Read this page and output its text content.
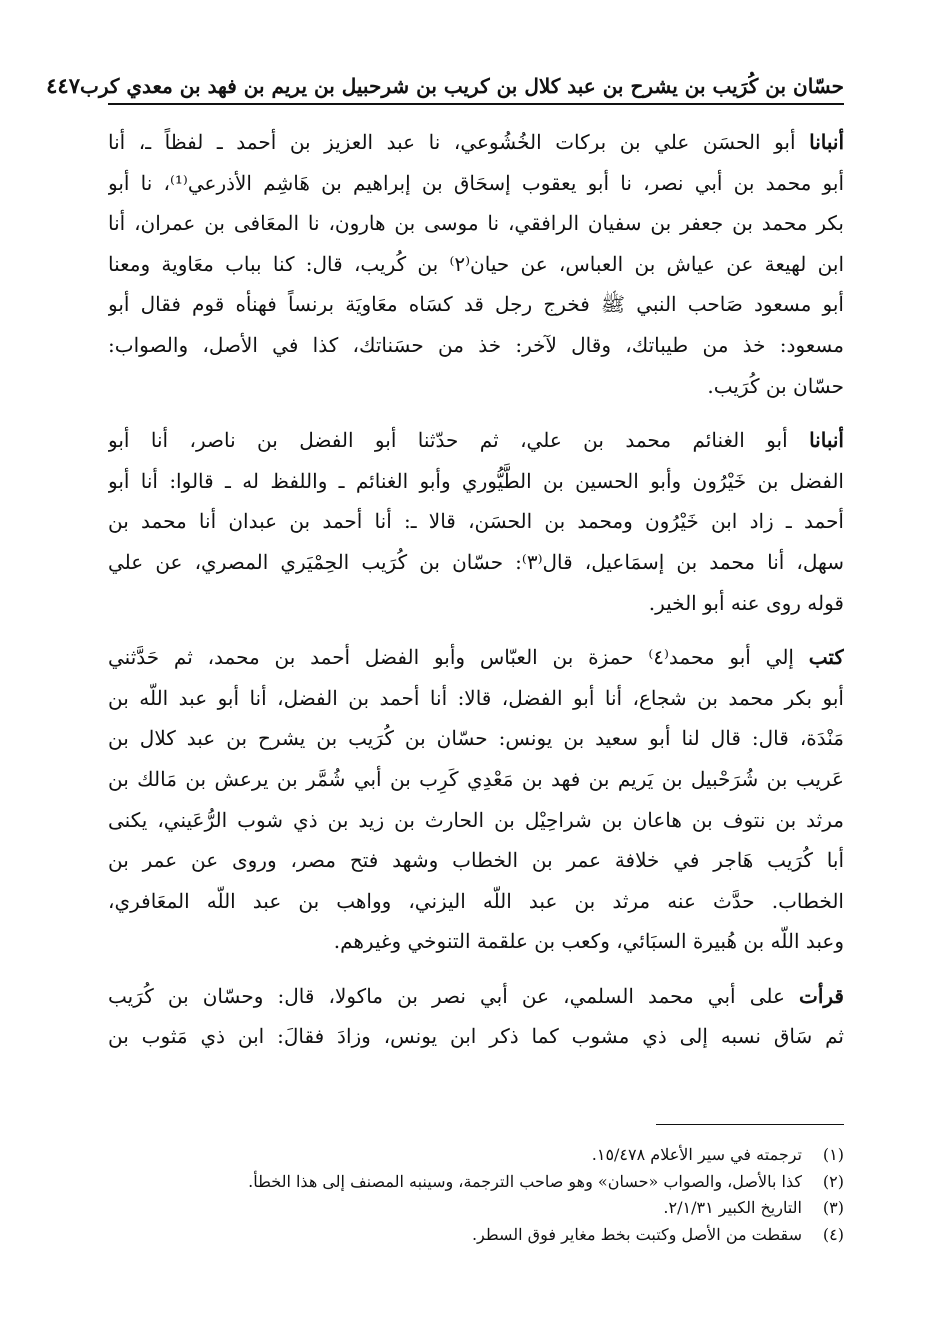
حسّان بن كُرَيب بن يشرح بن عبد كلال بن كريب بن شرحبيل بن يريم بن فهد بن معدي كرب
٤٤٧

أنبانا أبو الحسَن علي بن بركات الخُشُوعي، نا عبد العزيز بن أحمد ـ لفظاً ـ، أنا
أبو محمد بن أبي نصر، نا أبو يعقوب إسحَاق بن إبراهيم بن هَاشِم الأذرعي⁽¹⁾، نا أبو
بكر محمد بن جعفر بن سفيان الرافقي، نا موسى بن هارون، نا المعَافى بن عمران، أنا
ابن لهيعة عن عياش بن العباس، عن حيان⁽٢⁾ بن كُريب، قال: كنا بباب معَاوية ومعنا
أبو مسعود صَاحب النبي ﷺ فخرج رجل قد كسَاه معَاويَة برنساً فهنأه قوم فقال أبو
مسعود: خذ من طيباتك، وقال لآخر: خذ من حسَناتك، كذا في الأصل، والصواب:
حسّان بن كُرَيب.

أنبانا أبو الغنائم محمد بن علي، ثم حدّثنا أبو الفضل بن ناصر، أنا أبو
الفضل بن خَيْرُون وأبو الحسين بن الطَّيُّوري وأبو الغنائم ـ واللفظ له ـ قالوا: أنا أبو
أحمد ـ زاد ابن خَيْرُون ومحمد بن الحسَن، قالا ـ: أنا أحمد بن عبدان أنا محمد بن
سهل، أنا محمد بن إسمَاعيل، قال⁽٣⁾: حسّان بن كُرَيب الحِمْيَري المصري، عن علي
قوله روى عنه أبو الخير.

كتب إلي أبو محمد⁽٤⁾ حمزة بن العبّاس وأبو الفضل أحمد بن محمد، ثم حَدَّثني
أبو بكر محمد بن شجاع، أنا أبو الفضل، قالا: أنا أحمد بن الفضل، أنا أبو عبد اللّه بن
مَنْدَة، قال: قال لنا أبو سعيد بن يونس: حسّان بن كُرَيب بن يشرح بن عبد كلال بن
عَريب بن شُرَحْبيل بن يَريم بن فهد بن مَعْدِي كَرِب بن أبي شُمَّر بن يرعش بن مَالك بن
مرثد بن نتوف بن هاعان بن شراحِيْل بن الحارث بن زيد بن ذي شوب الرُّعَيني، يكنى
أبا كُرَيب هَاجر في خلافة عمر بن الخطاب وشهد فتح مصر، وروى عن عمر بن
الخطاب. حدَّث عنه مرثد بن عبد اللّه اليزني، وواهب بن عبد اللّه المعَافري،
وعبد اللّه بن هُبيرة السبَائي، وكعب بن علقمة التنوخي وغيرهم.

قرأت على أبي محمد السلمي، عن أبي نصر بن ماكولا، قال: وحسّان بن كُرَيب
ثم سَاق نسبه إلى ذي مشوب كما ذكر ابن يونس، وزادَ فقالَ: ابن ذي مَثوب بن

(١)ترجمته في سير الأعلام ١٥/٤٧٨.
(٢)كذا بالأصل، والصواب «حسان» وهو صاحب الترجمة، وسينبه المصنف إلى هذا الخطأ.
(٣)التاريخ الكبير ٢/١/٣١.
(٤)سقطت من الأصل وكتبت بخط مغاير فوق السطر.
